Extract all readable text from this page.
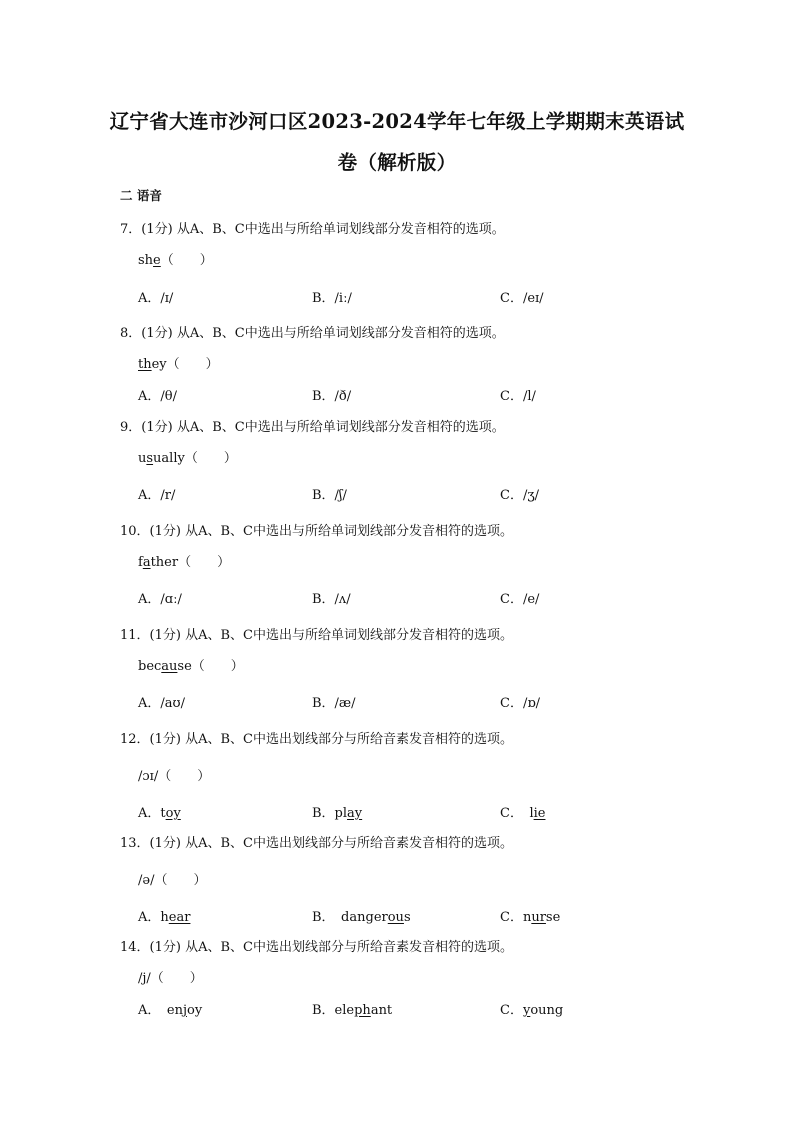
辽宁省大连市沙河口区2023-2024学年七年级上学期期末英语试
卷（解析版）
二 语音
7．(1分) 从A、B、C中选出与所给单词划线部分发音相符的选项。
she（　　）
A．/ɪ/	B．/iː/	C．/eɪ/
8．(1分) 从A、B、C中选出与所给单词划线部分发音相符的选项。
they（　　）
A．/θ/	B．/ð/	C．/l/
9．(1分) 从A、B、C中选出与所给单词划线部分发音相符的选项。
usually（　　）
A．/r/	B．/ʃ/	C．/ʒ/
10．(1分) 从A、B、C中选出与所给单词划线部分发音相符的选项。
father（　　）
A．/ɑː/	B．/ʌ/	C．/e/
11．(1分) 从A、B、C中选出与所给单词划线部分发音相符的选项。
because（　　）
A．/aʊ/	B．/æ/	C．/ɒ/
12．(1分) 从A、B、C中选出划线部分与所给音素发音相符的选项。
/ɔɪ/（　　）
A．toy	B．play	C．　lie
13．(1分) 从A、B、C中选出划线部分与所给音素发音相符的选项。
/ə/（　　）
A．hear	B．　dangerous	C．nurse
14．(1分) 从A、B、C中选出划线部分与所给音素发音相符的选项。
/j/（　　）
A．　enjoy	B．elephant	C．young
